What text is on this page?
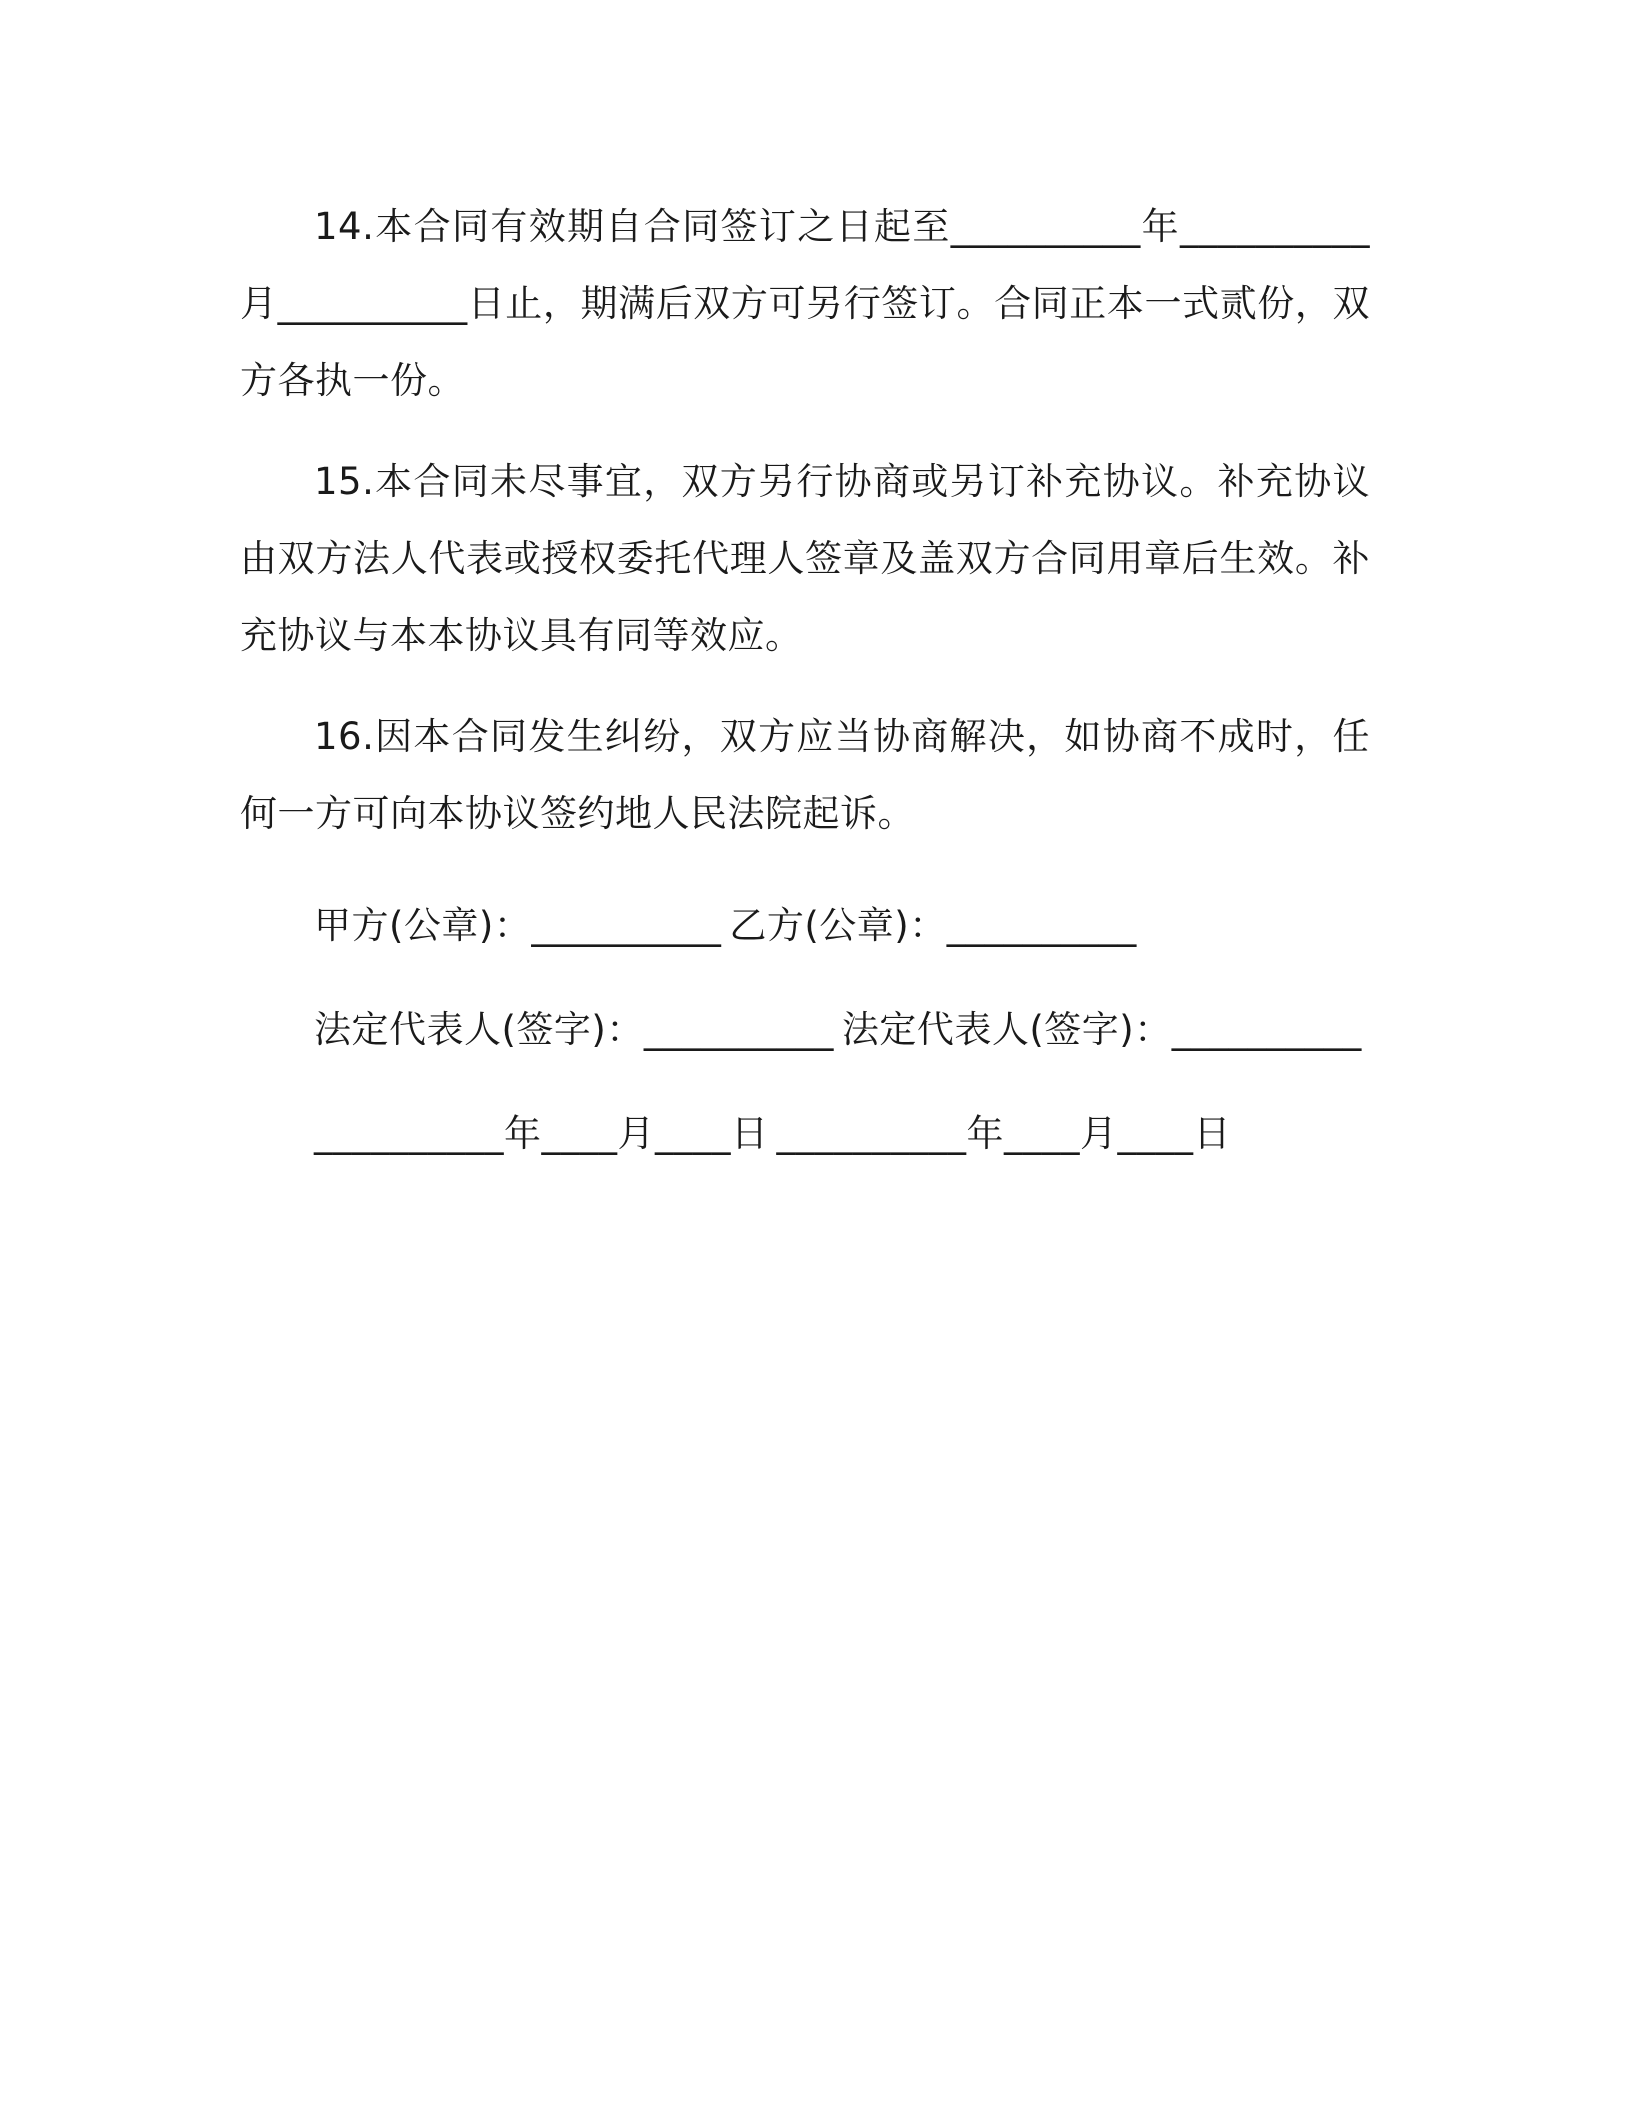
14.本合同有效期自合同签订之日起至__________年__________月__________日止，期满后双方可另行签订。合同正本一式贰份，双方各执一份。

15.本合同未尽事宜，双方另行协商或另订补充协议。补充协议由双方法人代表或授权委托代理人签章及盖双方合同用章后生效。补充协议与本本协议具有同等效应。

16.因本合同发生纠纷，双方应当协商解决，如协商不成时，任何一方可向本协议签约地人民法院起诉。

甲方(公章)：__________ 乙方(公章)：__________

法定代表人(签字)：__________ 法定代表人(签字)：__________

__________年____月____日 __________年____月____日
